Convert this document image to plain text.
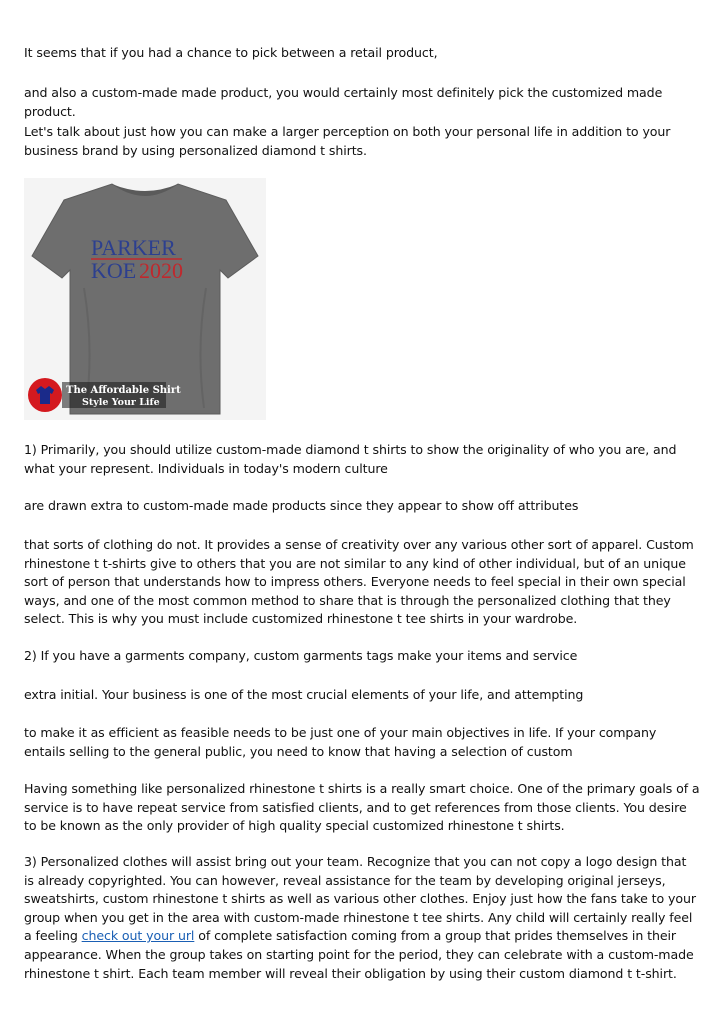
It seems that if you had a chance to pick between a retail product,

and also a custom-made made product, you would certainly most definitely pick the customized made product.

Let's talk about just how you can make a larger perception on both your personal life in addition to your business brand by using personalized diamond t shirts.

PARKER
KOE 2020
The Affordable Shirt
Style Your Life

1) Primarily, you should utilize custom-made diamond t shirts to show the originality of who you are, and what your represent. Individuals in today's modern culture

are drawn extra to custom-made made products since they appear to show off attributes

that sorts of clothing do not. It provides a sense of creativity over any various other sort of apparel. Custom rhinestone t t-shirts give to others that you are not similar to any kind of other individual, but of an unique sort of person that understands how to impress others. Everyone needs to feel special in their own special ways, and one of the most common method to share that is through the personalized clothing that they select. This is why you must include customized rhinestone t tee shirts in your wardrobe.

2) If you have a garments company, custom garments tags make your items and service

extra initial. Your business is one of the most crucial elements of your life, and attempting

to make it as efficient as feasible needs to be just one of your main objectives in life. If your company entails selling to the general public, you need to know that having a selection of custom

Having something like personalized rhinestone t shirts is a really smart choice. One of the primary goals of a service is to have repeat service from satisfied clients, and to get references from those clients. You desire to be known as the only provider of high quality special customized rhinestone t shirts.

3) Personalized clothes will assist bring out your team. Recognize that you can not copy a logo design that is already copyrighted. You can however, reveal assistance for the team by developing original jerseys, sweatshirts, custom rhinestone t shirts as well as various other clothes. Enjoy just how the fans take to your group when you get in the area with custom-made rhinestone t tee shirts. Any child will certainly really feel a feeling check out your url of complete satisfaction coming from a group that prides themselves in their appearance. When the group takes on starting point for the period, they can celebrate with a custom-made rhinestone t shirt. Each team member will reveal their obligation by using their custom diamond t t-shirt.
